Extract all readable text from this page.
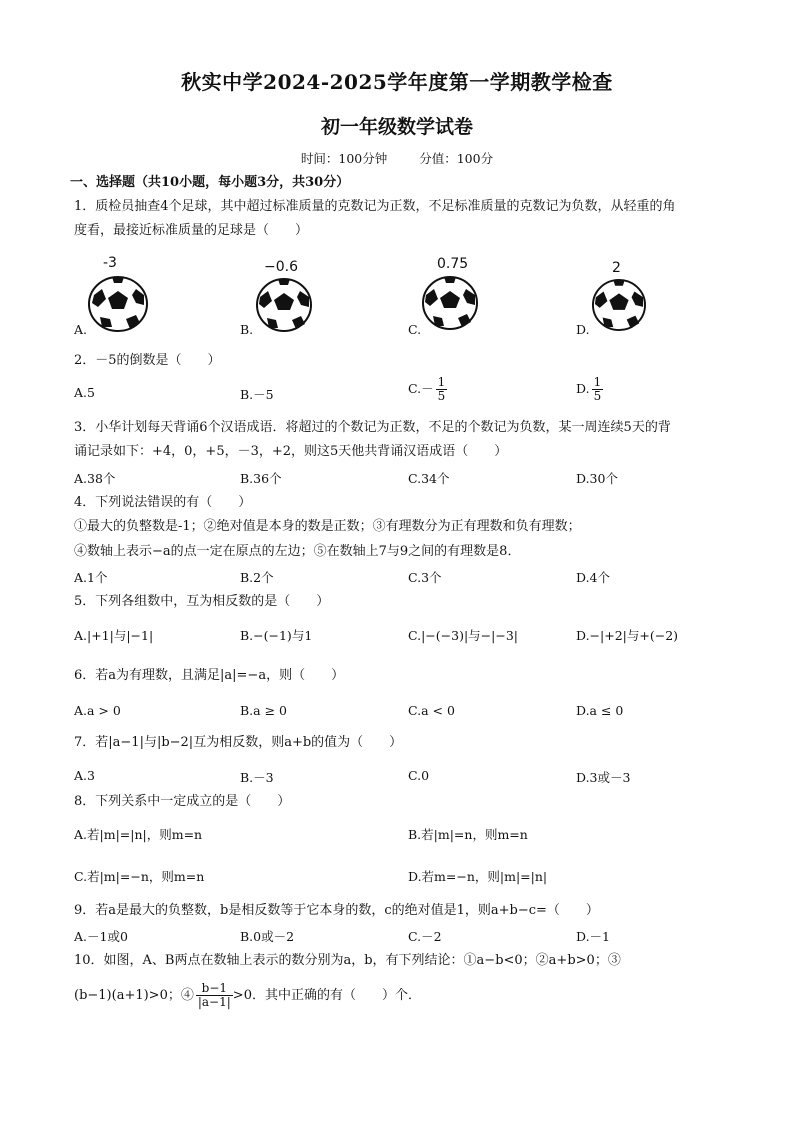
秋实中学2024-2025学年度第一学期教学检查
初一年级数学试卷
时间：100分钟	分值：100分
一、选择题（共10小题，每小题3分，共30分）
1．质检员抽查4个足球，其中超过标准质量的克数记为正数，不足标准质量的克数记为负数，从轻重的角
度看，最接近标准质量的足球是（　　）
-3	−0.6	0.75	2
A.	B.	C.	D.
2．－5的倒数是（　　）
A.5	B.－5	$C.- \frac{1}{5}$	D. $\frac{1}{5}$
3．小华计划每天背诵6个汉语成语．将超过的个数记为正数，不足的个数记为负数，某一周连续5天的背
诵记录如下：+4，0，+5，－3，+2，则这5天他共背诵汉语成语（　　）
A.38个	B.36个	C.34个	D.30个
4．下列说法错误的有（　　）
①最大的负整数是-1；②绝对值是本身的数是正数；③有理数分为正有理数和负有理数；
④数轴上表示−a的点一定在原点的左边；⑤在数轴上7与9之间的有理数是8．
A.1个	B.2个	C.3个	D.4个
5．下列各组数中，互为相反数的是（　　）
A.|+1|与|−1|	B.−(−1)与1	C.|−(−3)|与−|−3|	D.−|+2|与+(−2)
6．若a为有理数，且满足|a|=−a，则（　　）
A.a > 0	B.a ≥ 0	C.a < 0	D.a ≤ 0
7．若|a−1|与|b−2|互为相反数，则a+b的值为（　　）
A.3	B.－3	C.0	D.3或－3
8．下列关系中一定成立的是（　　）
A.若|m|=|n|，则m=n	B.若|m|=n，则m=n
C.若|m|=−n，则m=n	D.若m=−n，则|m|=|n|
9．若a是最大的负整数，b是相反数等于它本身的数，c的绝对值是1，则a+b−c=（　　）
A.－1或0	B.0或－2	C.－2	D.－1
10．如图，A、B两点在数轴上表示的数分别为a，b，有下列结论：①a−b<0；②a+b>0；③
(b−1)(a+1)>0；④ $\frac{b-1}{|a-1|} >0$．其中正确的有（　　）个．
